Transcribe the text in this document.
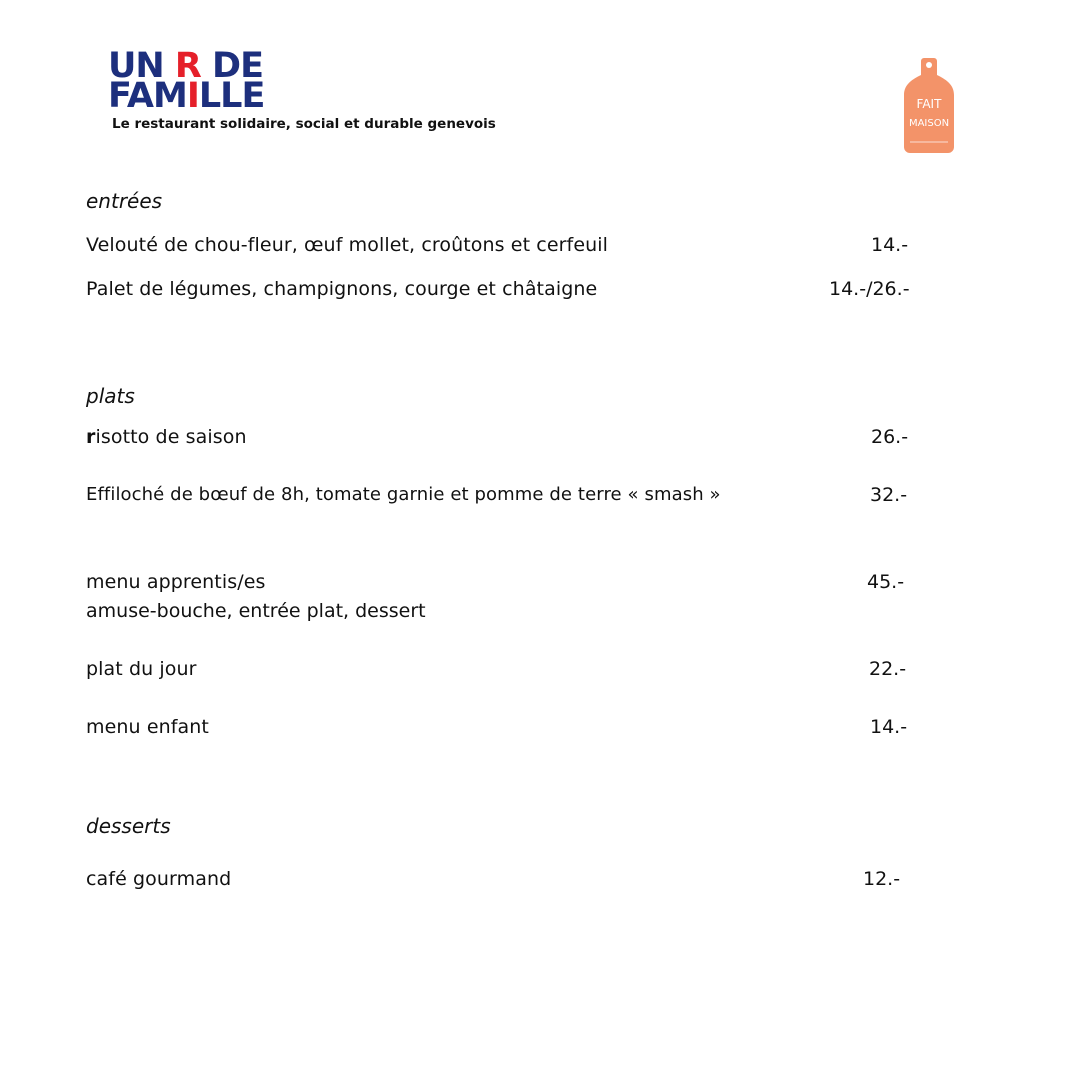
UN R DE
FAMILLE
Le restaurant solidaire, social et durable genevois
FAIT
MAISON
entrées
Velouté de chou-fleur, œuf mollet, croûtons et cerfeuil	14.-
Palet de légumes, champignons, courge et châtaigne	14.-/26.-
plats
risotto de saison	26.-
Effiloché de bœuf de 8h, tomate garnie et pomme de terre « smash »	32.-
menu apprentis/es	45.-
amuse-bouche, entrée plat, dessert
plat du jour	22.-
menu enfant	14.-
desserts
café gourmand	12.-
